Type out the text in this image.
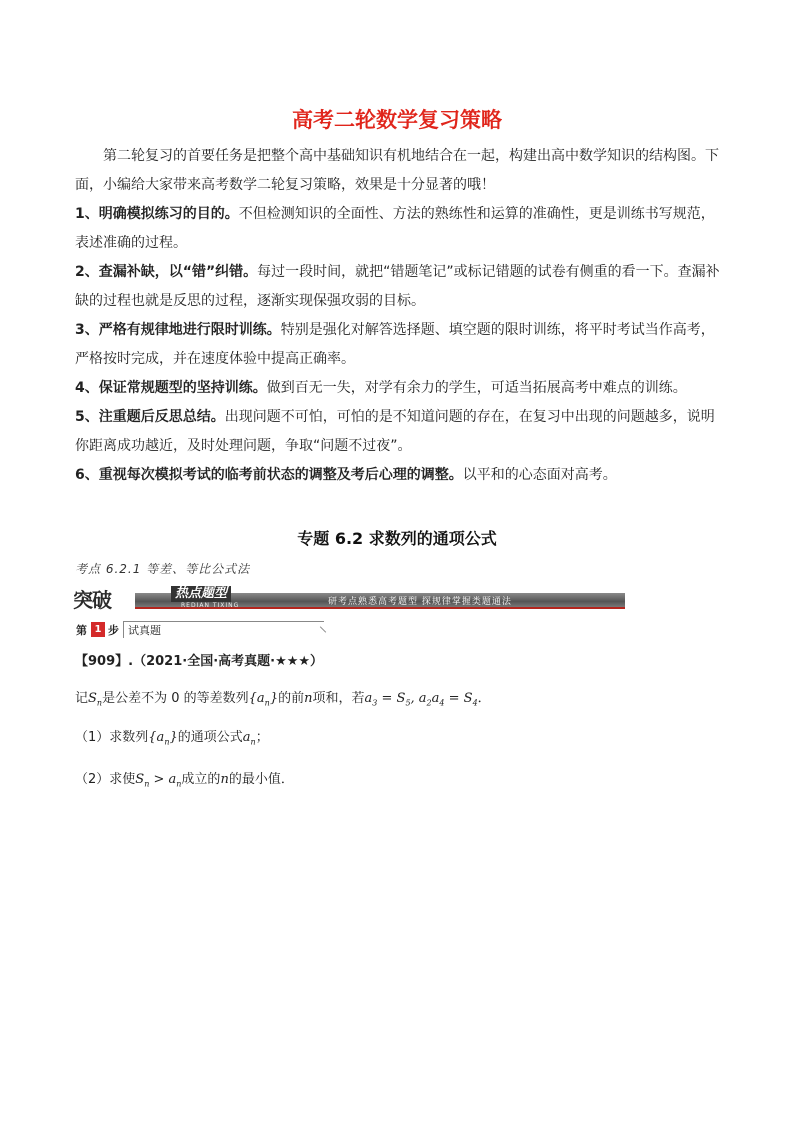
高考二轮数学复习策略
第二轮复习的首要任务是把整个高中基础知识有机地结合在一起，构建出高中数学知识的结构图。下面，小编给大家带来高考数学二轮复习策略，效果是十分显著的哦！
1、明确模拟练习的目的。不但检测知识的全面性、方法的熟练性和运算的准确性，更是训练书写规范，表述准确的过程。
2、查漏补缺，以“错”纠错。每过一段时间，就把“错题笔记”或标记错题的试卷有侧重的看一下。查漏补缺的过程也就是反思的过程，逐渐实现保强攻弱的目标。
3、严格有规律地进行限时训练。特别是强化对解答选择题、填空题的限时训练，将平时考试当作高考，严格按时完成，并在速度体验中提高正确率。
4、保证常规题型的坚持训练。做到百无一失，对学有余力的学生，可适当拓展高考中难点的训练。
5、注重题后反思总结。出现问题不可怕，可怕的是不知道问题的存在，在复习中出现的问题越多，说明你距离成功越近，及时处理问题，争取“问题不过夜”。
6、重视每次模拟考试的临考前状态的调整及考后心理的调整。以平和的心态面对高考。
专题 6.2 求数列的通项公式
考点 6.2.1 等差、等比公式法
突破	热点题型
REDIAN TIXING	研考点熟悉高考题型 探规律掌握类题通法
第 1 步 试真题
【909】.（2021·全国·高考真题·★★★）
记$S_n$是公差不为 0 的等差数列$\{a_n\}$的前n项和，若$a_3 = S_5$, $a_2a_4 = S_4$．
（1）求数列$\{a_n\}$的通项公式$a_n$；
（2）求使$S_n > a_n$成立的n的最小值．
